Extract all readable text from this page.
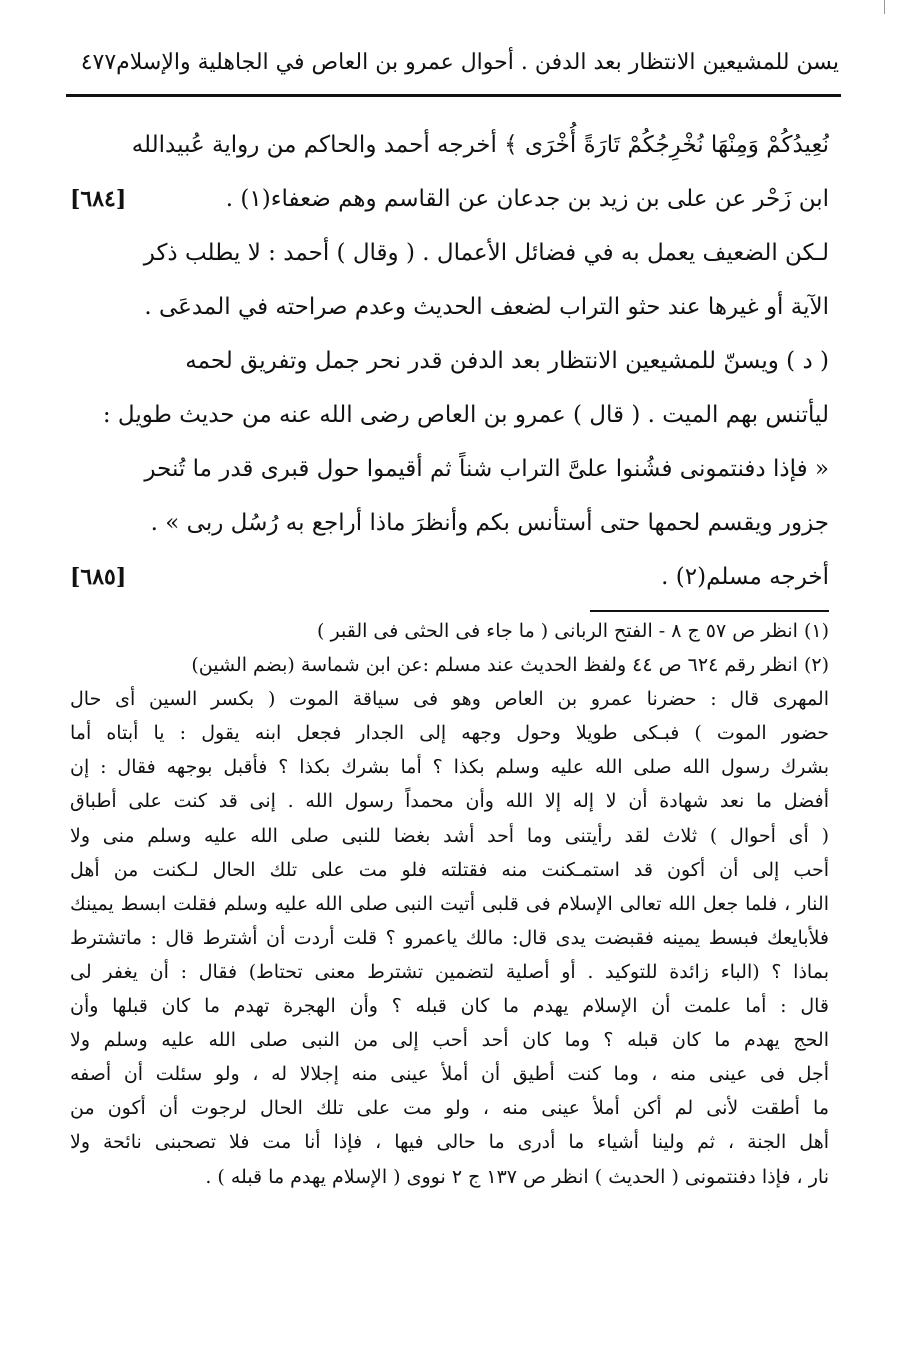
يسن للمشيعين الانتظار بعد الدفن . أحوال عمرو بن العاص في الجاهلية والإسلام٤٧٧
نُعِيدُكُمْ وَمِنْهَا نُخْرِجُكُمْ تَارَةً أُخْرَى ﴾ أخرجه أحمد والحاكم من رواية عُبيدالله
ابن زَحْر عن على بن زيد بن جدعان عن القاسم وهم ضعفاء(١) .
[٦٨٤]
لـكن الضعيف يعمل به في فضائل الأعمال . ( وقال ) أحمد : لا يطلب ذكر
الآية أو غيرها عند حثو التراب لضعف الحديث وعدم صراحته في المدعَى .
( د ) ويسنّ للمشيعين الانتظار بعد الدفن قدر نحر جمل وتفريق لحمه
ليأتنس بهم الميت . ( قال ) عمرو بن العاص رضى الله عنه من حديث طويل :
« فإذا دفنتمونى فشُنوا علىَّ التراب شناً ثم أقيموا حول قبرى قدر ما تُنحر
جزور ويقسم لحمها حتى أستأنس بكم وأنظرَ ماذا أراجع به رُسُل ربى » .
أخرجه مسلم(٢) .
[٦٨٥]
(١) انظر ص ٥٧ ج ٨ - الفتح الربانى ( ما جاء فى الحثى فى القبر )
(٢) انظر رقم ٦٢٤ ص ٤٤ ولفظ الحديث عند مسلم :عن ابن شماسة (بضم الشين)
المهرى قال : حضرنا عمرو بن العاص وهو فى سياقة الموت ( بكسر السين أى حال
حضور الموت ) فبـكى طويلا وحول وجهه إلى الجدار فجعل ابنه يقول : يا أبتاه أما
بشرك رسول الله صلى الله عليه وسلم بكذا ؟ أما بشرك بكذا ؟ فأقبل بوجهه فقال : إن
أفضل ما نعد شهادة أن لا إله إلا الله وأن محمداً رسول الله . إنى قد كنت على أطباق
( أى أحوال ) ثلاث لقد رأيتنى وما أحد أشد بغضا للنبى صلى الله عليه وسلم منى ولا
أحب إلى أن أكون قد استمـكنت منه فقتلته فلو مت على تلك الحال لـكنت من أهل
النار ، فلما جعل الله تعالى الإسلام فى قلبى أتيت النبى صلى الله عليه وسلم فقلت ابسط يمينك
فلأبايعك فبسط يمينه فقبضت يدى قال: مالك ياعمرو ؟ قلت أردت أن أشترط قال : ماتشترط
بماذا ؟ (الباء زائدة للتوكيد . أو أصلية لتضمين تشترط معنى تحتاط) فقال : أن يغفر لى
قال : أما علمت أن الإسلام يهدم ما كان قبله ؟ وأن الهجرة تهدم ما كان قبلها وأن
الحج يهدم ما كان قبله ؟ وما كان أحد أحب إلى من النبى صلى الله عليه وسلم ولا
أجل فى عينى منه ، وما كنت أطيق أن أملأ عينى منه إجلالا له ، ولو سئلت أن أصفه
ما أطقت لأنى لم أكن أملأ عينى منه ، ولو مت على تلك الحال لرجوت أن أكون من
أهل الجنة ، ثم ولينا أشياء ما أدرى ما حالى فيها ، فإذا أنا مت فلا تصحبنى نائحة ولا
نار ، فإذا دفنتمونى ( الحديث ) انظر ص ١٣٧ ج ٢ نووى ( الإسلام يهدم ما قبله ) .
